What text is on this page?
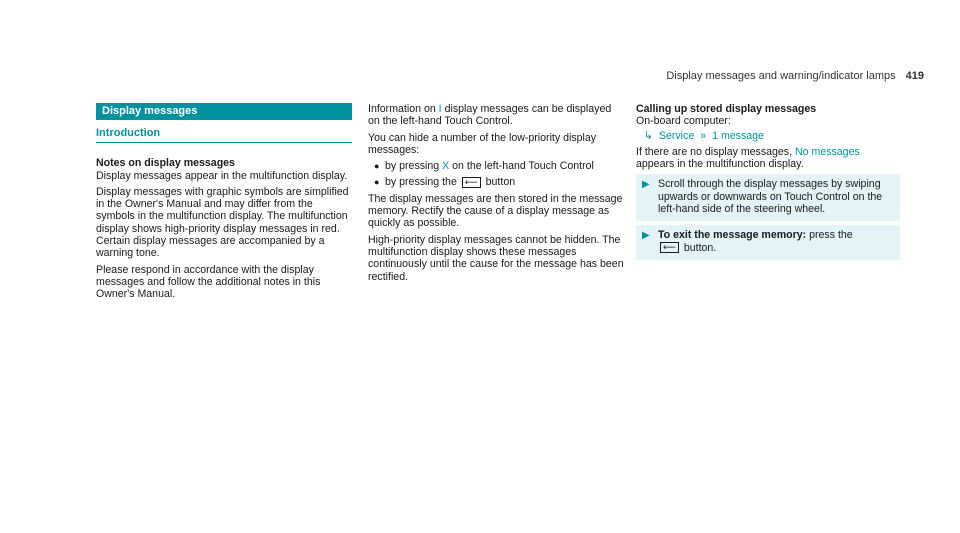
Display messages and warning/indicator lamps 419
Display messages
Introduction
Notes on display messages

Display messages appear in the multifunction display.

Display messages with graphic symbols are simplified in the Owner's Manual and may differ from the symbols in the multifunction display. The multifunction display shows high-priority display messages in red. Certain display messages are accompanied by a warning tone.

Please respond in accordance with the display messages and follow the additional notes in this Owner's Manual.

Information on I display messages can be displayed on the left-hand Touch Control.

You can hide a number of the low-priority display messages:

● by pressing X on the left-hand Touch Control
● by pressing the ⟵ button

The display messages are then stored in the message memory. Rectify the cause of a display message as quickly as possible.

High-priority display messages cannot be hidden. The multifunction display shows these messages continuously until the cause for the message has been rectified.

Calling up stored display messages
On-board computer:
↳ Service » 1 message

If there are no display messages, No messages appears in the multifunction display.

▶ Scroll through the display messages by swiping upwards or downwards on Touch Control on the left-hand side of the steering wheel.
▶ To exit the message memory: press the
⟵ button.
